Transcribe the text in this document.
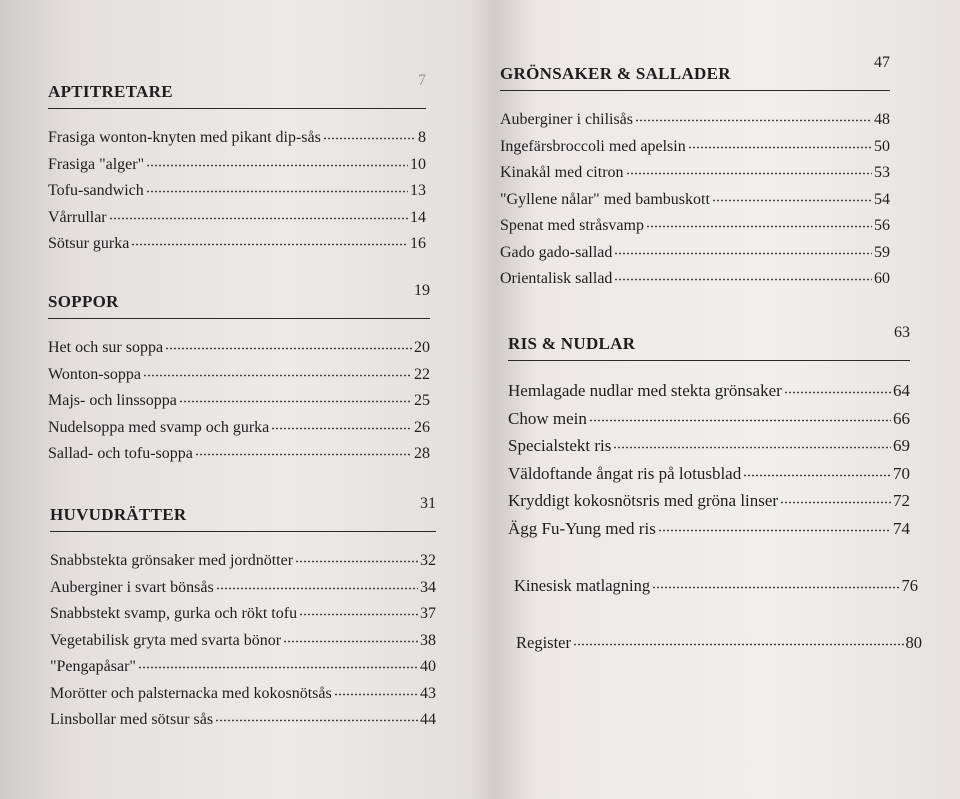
APTITRETARE
7
Frasiga wonton-knyten med pikant dip-sås	8
Frasiga "alger"	10
Tofu-sandwich	13
Vårrullar	14
Sötsur gurka	16
SOPPOR
19
Het och sur soppa	20
Wonton-soppa	22
Majs- och linssoppa	25
Nudelsoppa med svamp och gurka	26
Sallad- och tofu-soppa	28
HUVUDRÄTTER
31
Snabbstekta grönsaker med jordnötter	32
Auberginer i svart bönsås	34
Snabbstekt svamp, gurka och rökt tofu	37
Vegetabilisk gryta med svarta bönor	38
"Pengapåsar"	40
Morötter och palsternacka med kokosnötsås	43
Linsbollar med sötsur sås	44
GRÖNSAKER & SALLADER
47
Auberginer i chilisås	48
Ingefärsbroccoli med apelsin	50
Kinakål med citron	53
"Gyllene nålar" med bambuskott	54
Spenat med stråsvamp	56
Gado gado-sallad	59
Orientalisk sallad	60
RIS & NUDLAR
63
Hemlagade nudlar med stekta grönsaker	64
Chow mein	66
Specialstekt ris	69
Väldoftande ångat ris på lotusblad	70
Kryddigt kokosnötsris med gröna linser	72
Ägg Fu-Yung med ris	74
Kinesisk matlagning	76
Register	80
